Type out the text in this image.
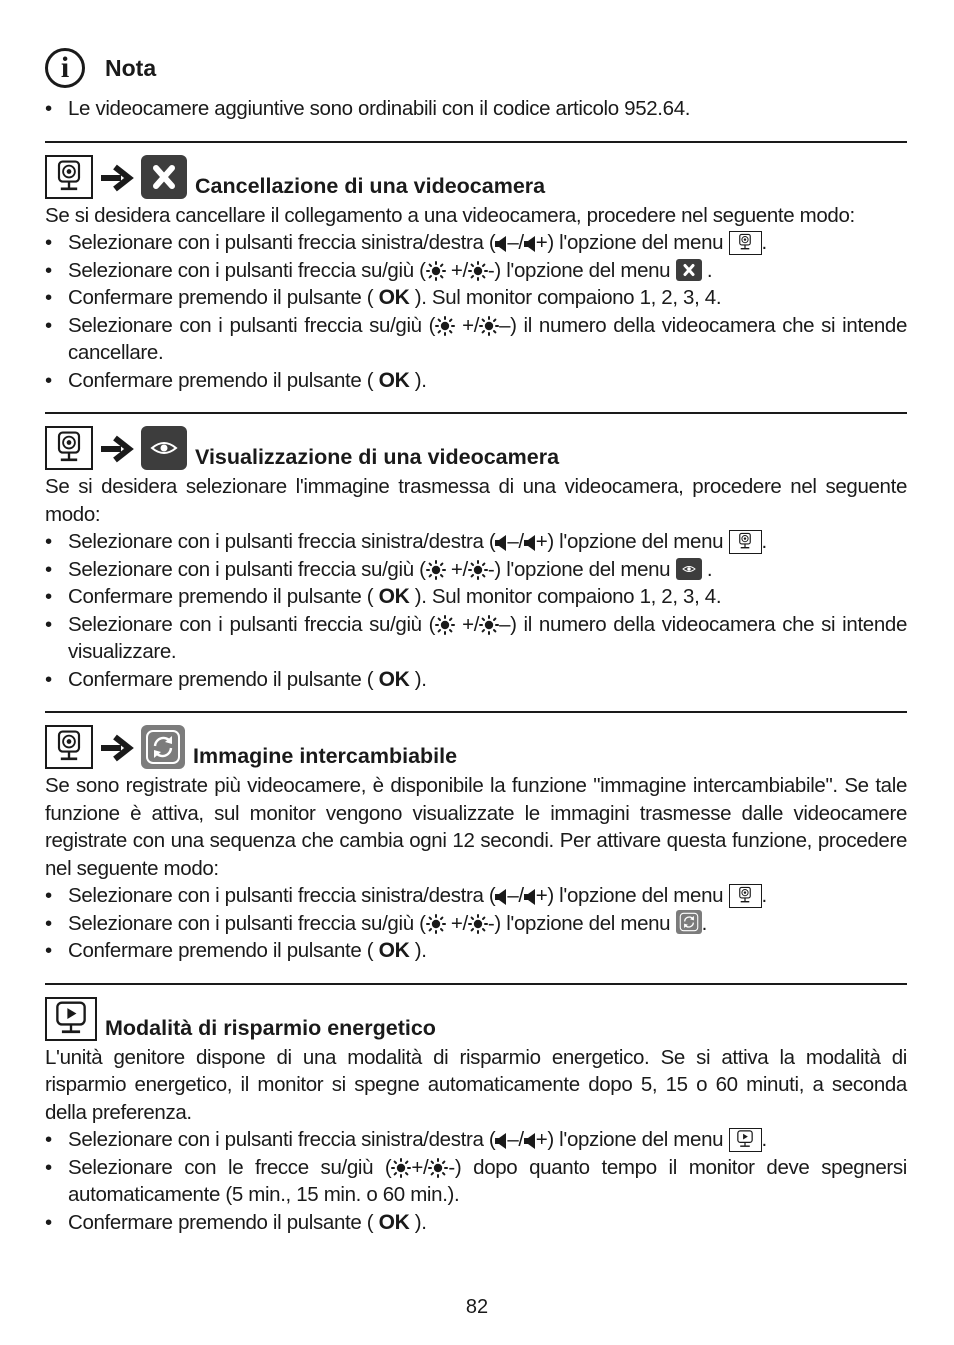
i	Nota
• Le videocamere aggiuntive sono ordinabili con il codice articolo 952.64.
Cancellazione di una videocamera

Se si desidera cancellare il collegamento a una videocamera, procedere nel seguente modo:

• Selezionare con i pulsanti freccia sinistra/destra ( –/ +) l'opzione del menu .
• Selezionare con i pulsanti freccia su/giù ( +/ -) l'opzione del menu  .
• Confermare premendo il pulsante ( OK ). Sul monitor compaiono 1, 2, 3, 4.
• Selezionare con i pulsanti freccia su/giù ( +/ –) il numero della videocamera che si intende cancellare.
• Confermare premendo il pulsante ( OK ).
Visualizzazione di una videocamera

Se si desidera selezionare l'immagine trasmessa di una videocamera, procedere nel seguente modo:

• Selezionare con i pulsanti freccia sinistra/destra ( –/ +) l'opzione del menu .
• Selezionare con i pulsanti freccia su/giù ( +/ -) l'opzione del menu  .
• Confermare premendo il pulsante ( OK ). Sul monitor compaiono 1, 2, 3, 4.
• Selezionare con i pulsanti freccia su/giù ( +/ –) il numero della videocamera che si intende visualizzare.
• Confermare premendo il pulsante ( OK ).
Immagine intercambiabile

Se sono registrate più videocamere, è disponibile la funzione "immagine intercambiabile". Se tale funzione è attiva, sul monitor vengono visualizzate le immagini trasmesse dalle videocamere registrate con una sequenza che cambia ogni 12 secondi. Per attivare questa funzione, procedere nel seguente modo:

• Selezionare con i pulsanti freccia sinistra/destra ( –/ +) l'opzione del menu .
• Selezionare con i pulsanti freccia su/giù ( +/ -) l'opzione del menu .
• Confermare premendo il pulsante ( OK ).
Modalità di risparmio energetico

L'unità genitore dispone di una modalità di risparmio energetico. Se si attiva la modalità di risparmio energetico, il monitor si spegne automaticamente dopo 5, 15 o 60 minuti, a seconda della preferenza.

• Selezionare con i pulsanti freccia sinistra/destra ( –/ +) l'opzione del menu .
• Selezionare con le frecce su/giù ( +/ -) dopo quanto tempo il monitor deve spegnersi automaticamente (5 min., 15 min. o 60 min.).
• Confermare premendo il pulsante ( OK ).
82
